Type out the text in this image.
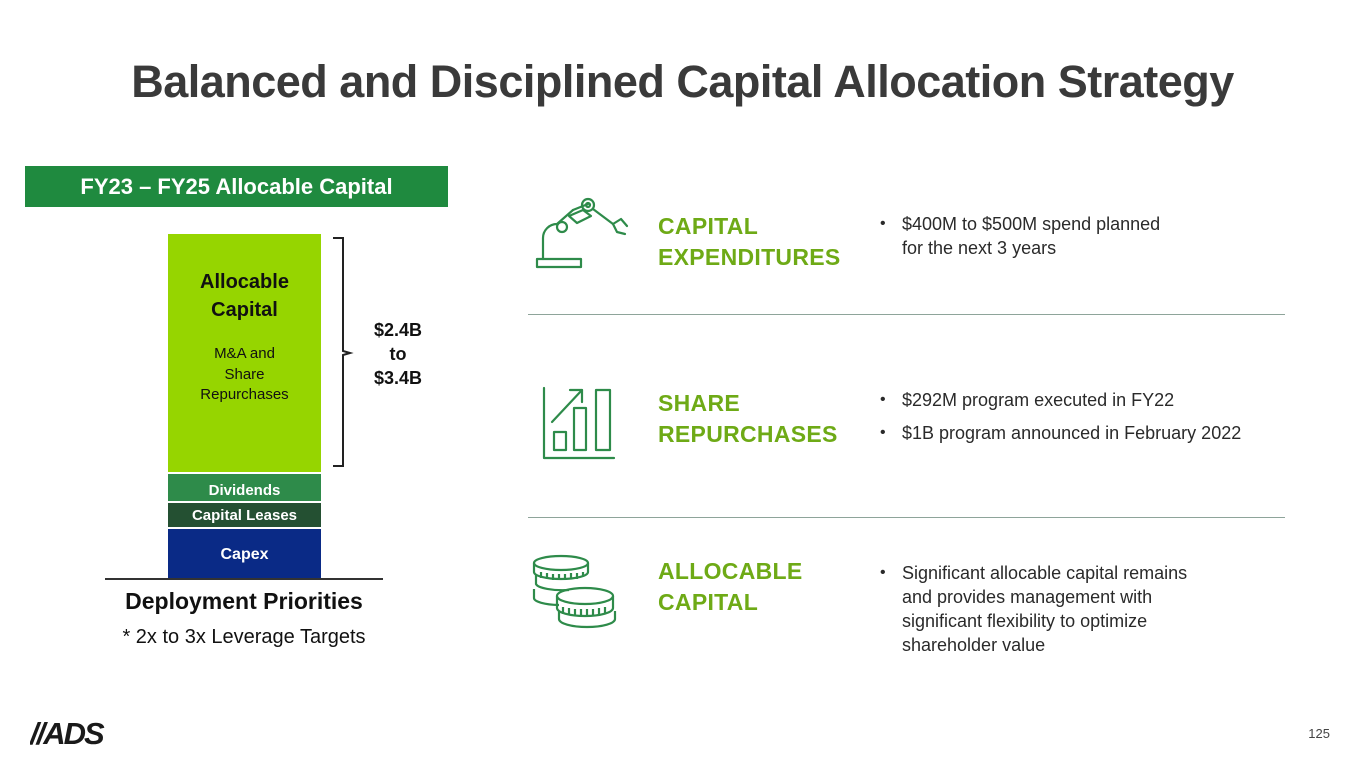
Balanced and Disciplined Capital Allocation Strategy
FY23 – FY25 Allocable Capital
Allocable
Capital
M&A and
Share
Repurchases
Dividends
Capital Leases
Capex
$2.4B
to
$3.4B
Deployment Priorities
* 2x to 3x Leverage Targets
CAPITAL
EXPENDITURES
• $400M to $500M spend planned
for the next 3 years
SHARE
REPURCHASES
• $292M program executed in FY22
• $1B program announced in February 2022
ALLOCABLE
CAPITAL
• Significant allocable capital remains
and provides management with
significant flexibility to optimize
shareholder value
//ADS	125
